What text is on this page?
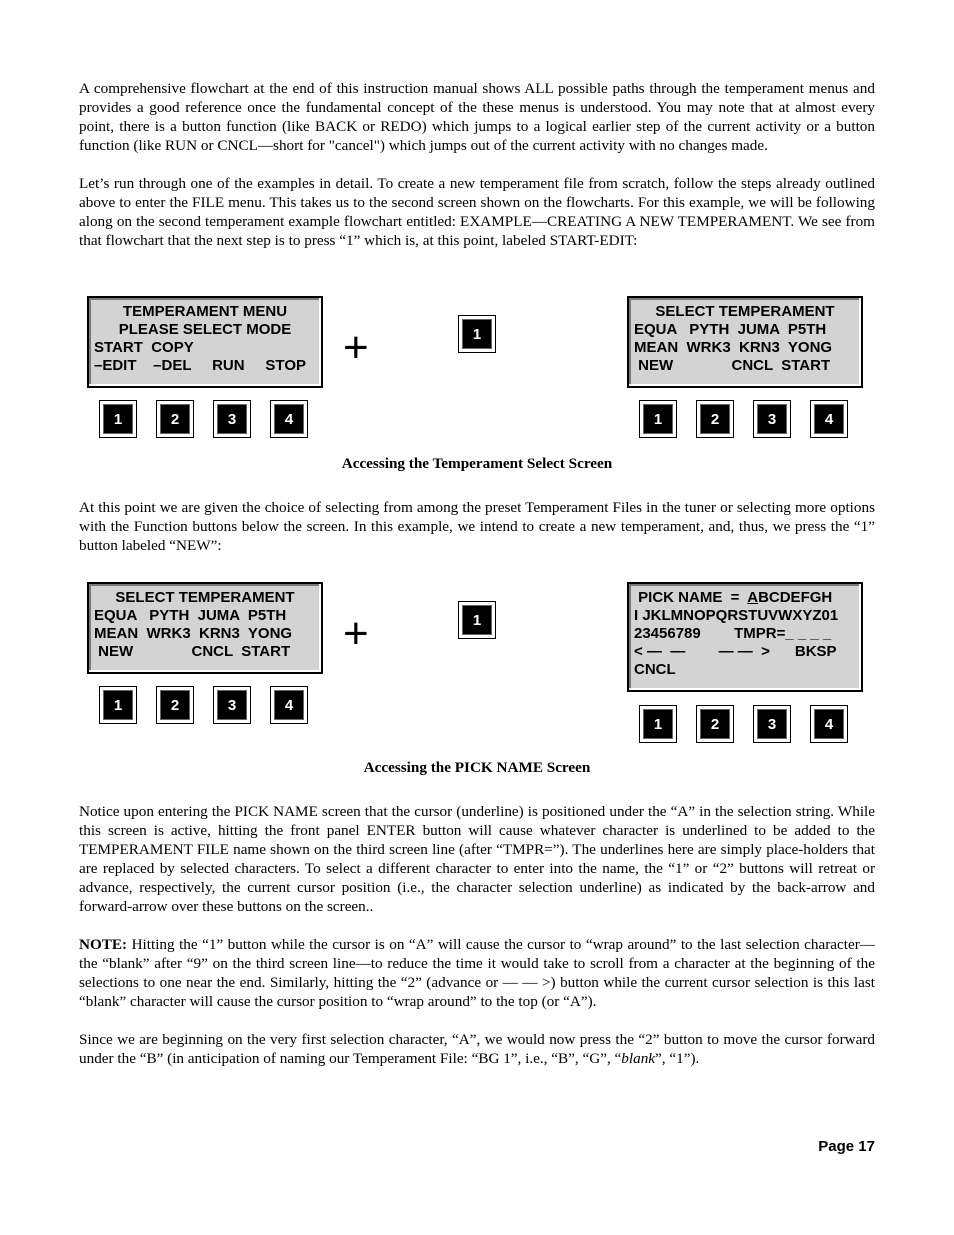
A comprehensive flowchart at the end of this instruction manual shows ALL possible paths through the temperament menus and provides a good reference once the fundamental concept of the these menus is understood. You may note that at almost every point, there is a button function (like BACK or REDO) which jumps to a logical earlier step of the current activity or a button function (like RUN or CNCL—short for "cancel") which jumps out of the current activity with no changes made.

Let’s run through one of the examples in detail. To create a new temperament file from scratch, follow the steps already outlined above to enter the FILE menu. This takes us to the second screen shown on the flowcharts. For this example, we will be following along on the second temperament example flowchart entitled: EXAMPLE—CREATING A NEW TEMPERAMENT. We see from that flowchart that the next step is to press “1” which is, at this point, labeled START-EDIT:

TEMPERAMENT MENU
PLEASE SELECT MODE
START  COPY
–EDIT    –DEL     RUN     STOP +	1
SELECT TEMPERAMENT
EQUA   PYTH  JUMA  P5TH
MEAN  WRK3  KRN3  YONG
NEW              CNCL  START
1	2	3	4	1	2	3	4
Accessing the Temperament Select Screen

At this point we are given the choice of selecting from among the preset Temperament Files in the tuner or selecting more options with the Function buttons below the screen. In this example, we intend to create a new temperament, and, thus, we press the “1” button labeled “NEW”:

SELECT TEMPERAMENT
EQUA   PYTH  JUMA  P5TH
MEAN  WRK3  KRN3  YONG
NEW              CNCL  START	+	1
PICK NAME  =  ABCDEFGH
I JKLMNOPQRSTUVWXYZ01
23456789        TMPR=_ _ _ _
< —  —        — —  >      BKSP
CNCL
1	2	3	4
1	2	3	4
Accessing the PICK NAME Screen

Notice upon entering the PICK NAME screen that the cursor (underline) is positioned under the “A” in the selection string. While this screen is active, hitting the front panel ENTER button will cause whatever character is underlined to be added to the TEMPERAMENT FILE name shown on the third screen line (after “TMPR=”). The underlines here are simply place-holders that are replaced by selected characters. To select a different character to enter into the name, the “1” or “2” buttons will retreat or advance, respectively, the current cursor position (i.e., the character selection underline) as indicated by the back-arrow and forward-arrow over these buttons on the screen..

NOTE: Hitting the “1” button while the cursor is on “A” will cause the cursor to “wrap around” to the last selection character—the “blank” after “9” on the third screen line—to reduce the time it would take to scroll from a character at the beginning of the selections to one near the end. Similarly, hitting the “2” (advance or — — >) button while the current cursor selection is this last “blank” character will cause the cursor position to “wrap around” to the top (or “A”).

Since we are beginning on the very first selection character, “A”, we would now press the “2” button to move the cursor forward under the “B” (in anticipation of naming our Temperament File: “BG 1”, i.e., “B”, “G”, “blank”, “1”).

Page 17
